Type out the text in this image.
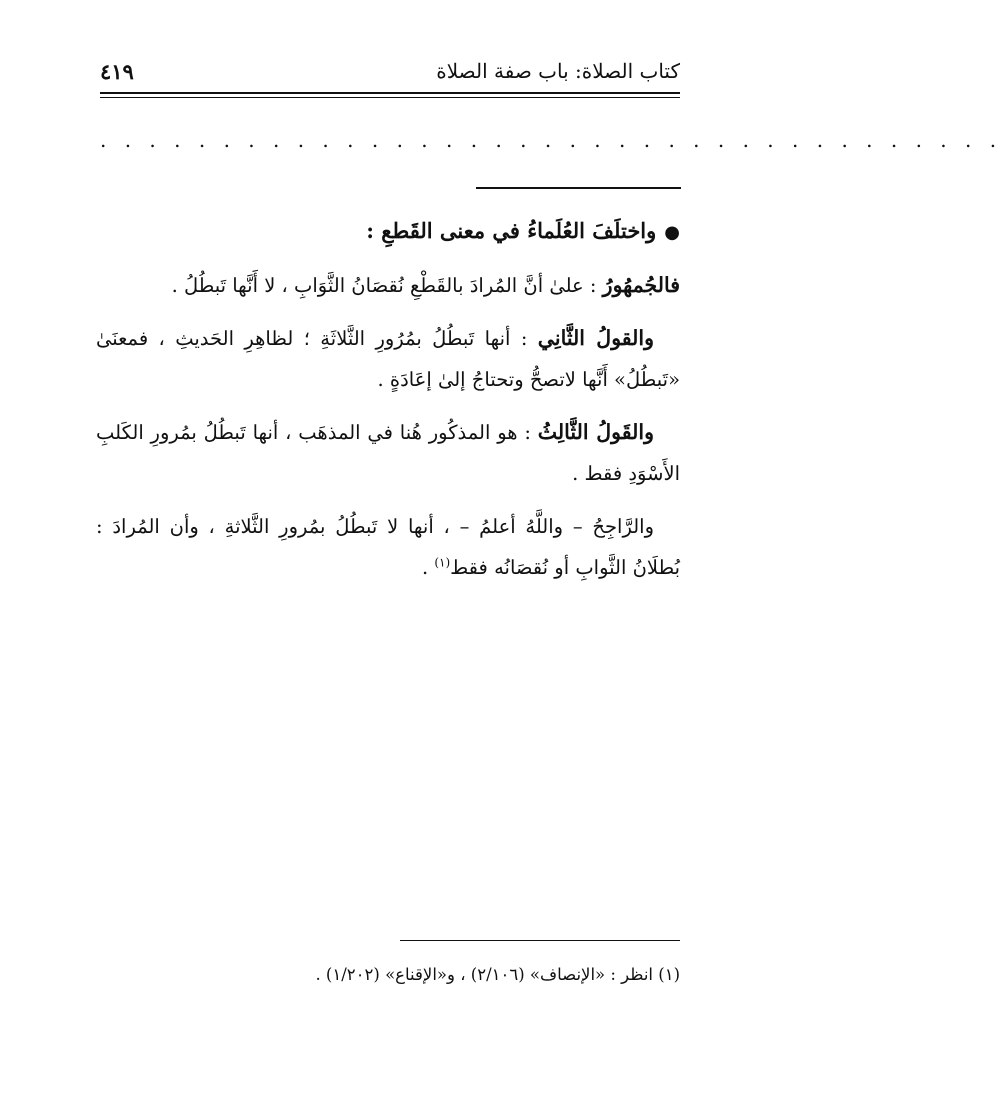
كتاب الصلاة: باب صفة الصلاة
٤١٩
. . . . . . . . . . . . . . . . . . . . . . . . . . . . . . . . . . . . .

●واختلَفَ العُلَماءُ في معنى القَطعِ :

فالجُمهُورُ : علىٰ أنَّ المُرادَ بالقَطْعِ نُقصَانُ الثَّوَابِ ، لا أَنَّها تَبطُلُ .

والقولُ الثَّانِي : أنها تَبطُلُ بمُرُورِ الثَّلاثَةِ ؛ لظاهِرِ الحَديثِ ، فمعنَىٰ «تَبطُلُ» أَنَّها لاتصحُّ وتحتاجُ إلىٰ إعَادَةٍ .

والقَولُ الثَّالِثُ : هو المذكُور هُنا في المذهَب ، أنها تَبطُلُ بمُرورِ الكَلبِ الأَسْوَدِ فقط .

والرَّاجِحُ – واللَّهُ أعلمُ – ، أنها لا تَبطُلُ بمُرورِ الثَّلاثةِ ، وأن المُرادَ : بُطلَانُ الثَّوابِ أو نُقصَانُه فقط$^{(١)}$ .

(١) انظر : «الإنصاف» (٢/١٠٦) ، و«الإقناع» (١/٢٠٢) .
